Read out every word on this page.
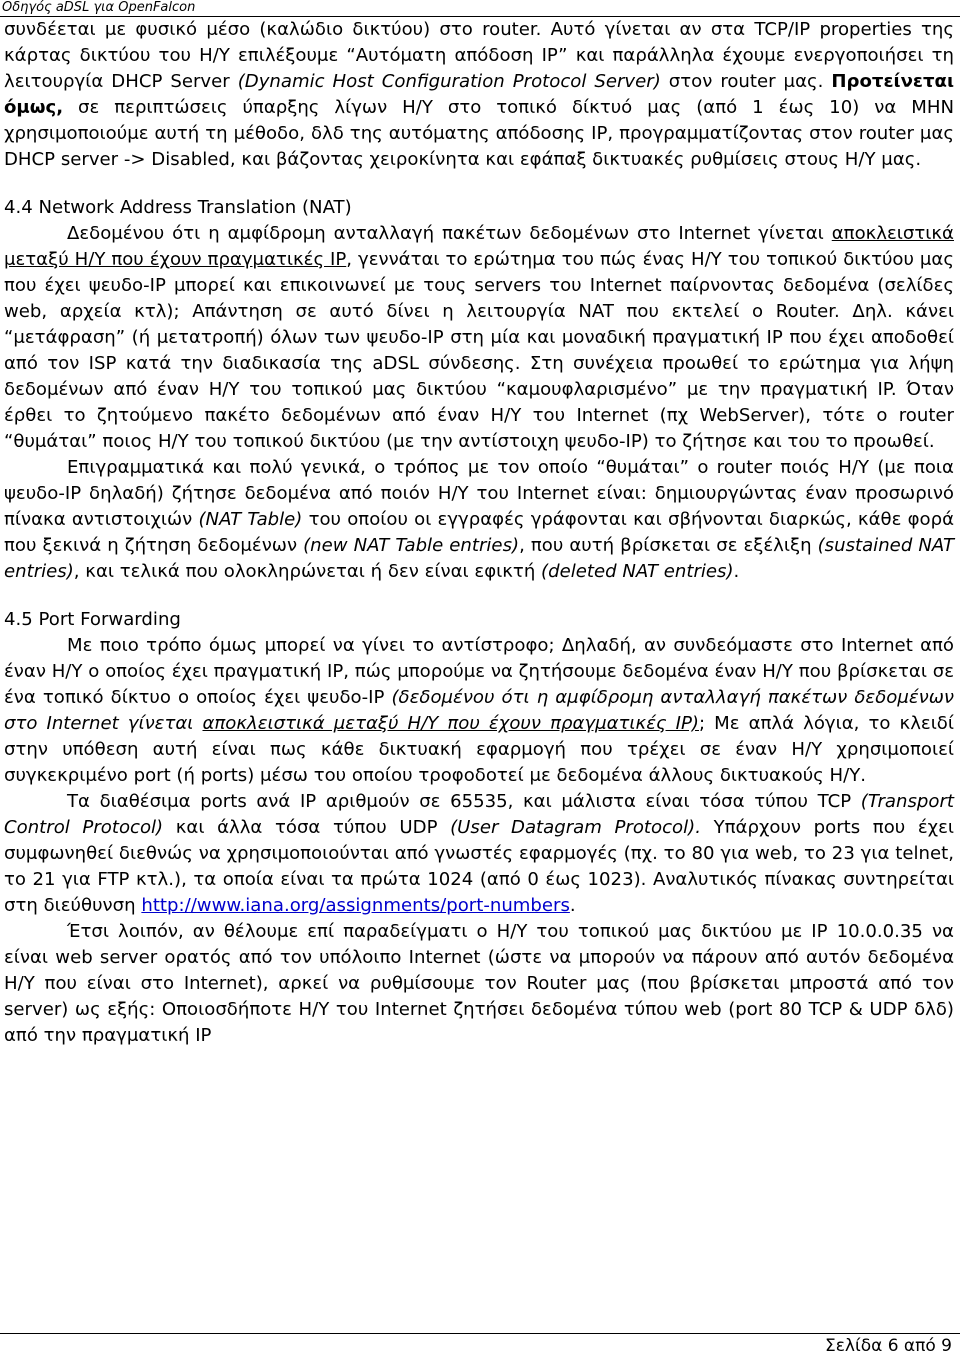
Οδηγός aDSL για OpenFalcon

συνδέεται με φυσικό μέσο (καλώδιο δικτύου) στο router. Αυτό γίνεται αν στα TCP/IP properties της κάρτας δικτύου του Η/Υ επιλέξουμε “Αυτόματη απόδοση IP” και παράλληλα έχουμε ενεργοποιήσει τη λειτουργία DHCP Server (Dynamic Host Configuration Protocol Server) στον router μας. Προτείνεται όμως, σε περιπτώσεις ύπαρξης λίγων Η/Υ στο τοπικό δίκτυό μας (από 1 έως 10) να ΜΗΝ χρησιμοποιούμε αυτή τη μέθοδο, δλδ της αυτόματης απόδοσης IP, προγραμματίζοντας στον router μας DHCP server -> Disabled, και βάζοντας χειροκίνητα και εφάπαξ δικτυακές ρυθμίσεις στους Η/Υ μας.

4.4 Network Address Translation (NAT)

Δεδομένου ότι η αμφίδρομη ανταλλαγή πακέτων δεδομένων στο Internet γίνεται αποκλειστικά μεταξύ Η/Υ που έχουν πραγματικές IP, γεννάται το ερώτημα του πώς ένας Η/Υ του τοπικού δικτύου μας που έχει ψευδο-IP μπορεί και επικοινωνεί με τους servers του Internet παίρνοντας δεδομένα (σελίδες web, αρχεία κτλ); Απάντηση σε αυτό δίνει η λειτουργία NAT που εκτελεί ο Router. Δηλ. κάνει “μετάφραση” (ή μετατροπή) όλων των ψευδο-IP στη μία και μοναδική πραγματική IP που έχει αποδοθεί από τον ISP κατά την διαδικασία της aDSL σύνδεσης. Στη συνέχεια προωθεί το ερώτημα για λήψη δεδομένων από έναν Η/Υ του τοπικού μας δικτύου “καμουφλαρισμένο” με την πραγματική IP. Όταν έρθει το ζητούμενο πακέτο δεδομένων από έναν Η/Υ του Internet (πχ WebServer), τότε ο router “θυμάται” ποιος Η/Υ του τοπικού δικτύου (με την αντίστοιχη ψευδο-IP) το ζήτησε και του το προωθεί.

Επιγραμματικά και πολύ γενικά, ο τρόπος με τον οποίο “θυμάται” ο router ποιός Η/Υ (με ποια ψευδο-IP δηλαδή) ζήτησε δεδομένα από ποιόν Η/Υ του Internet είναι: δημιουργώντας έναν προσωρινό πίνακα αντιστοιχιών (NAT Table) του οποίου οι εγγραφές γράφονται και σβήνονται διαρκώς, κάθε φορά που ξεκινά η ζήτηση δεδομένων (new NAT Table entries), που αυτή βρίσκεται σε εξέλιξη (sustained NAT entries), και τελικά που ολοκληρώνεται ή δεν είναι εφικτή (deleted NAT entries).

4.5 Port Forwarding

Με ποιο τρόπο όμως μπορεί να γίνει το αντίστροφο; Δηλαδή, αν συνδεόμαστε στο Internet από έναν Η/Υ ο οποίος έχει πραγματική IP, πώς μπορούμε να ζητήσουμε δεδομένα έναν Η/Υ που βρίσκεται σε ένα τοπικό δίκτυο ο οποίος έχει ψευδο-IP (δεδομένου ότι η αμφίδρομη ανταλλαγή πακέτων δεδομένων στο Internet γίνεται αποκλειστικά μεταξύ Η/Υ που έχουν πραγματικές IP); Με απλά λόγια, το κλειδί στην υπόθεση αυτή είναι πως κάθε δικτυακή εφαρμογή που τρέχει σε έναν Η/Υ χρησιμοποιεί συγκεκριμένο port (ή ports) μέσω του οποίου τροφοδοτεί με δεδομένα άλλους δικτυακούς Η/Υ.

Τα διαθέσιμα ports ανά IP αριθμούν σε 65535, και μάλιστα είναι τόσα τύπου TCP (Transport Control Protocol) και άλλα τόσα τύπου UDP (User Datagram Protocol). Υπάρχουν ports που έχει συμφωνηθεί διεθνώς να χρησιμοποιούνται από γνωστές εφαρμογές (πχ. το 80 για web, το 23 για telnet, το 21 για FTP κτλ.), τα οποία είναι τα πρώτα 1024 (από 0 έως 1023). Αναλυτικός πίνακας συντηρείται στη διεύθυνση http://www.iana.org/assignments/port-numbers.

Έτσι λοιπόν, αν θέλουμε επί παραδείγματι ο Η/Υ του τοπικού μας δικτύου με IP 10.0.0.35 να είναι web server ορατός από τον υπόλοιπο Internet (ώστε να μπορούν να πάρουν από αυτόν δεδομένα Η/Υ που είναι στο Internet), αρκεί να ρυθμίσουμε τον Router μας (που βρίσκεται μπροστά από τον server) ως εξής: Οποιοσδήποτε Η/Υ του Internet ζητήσει δεδομένα τύπου web (port 80 TCP & UDP δλδ) από την πραγματική IP

Σελίδα 6 από 9
